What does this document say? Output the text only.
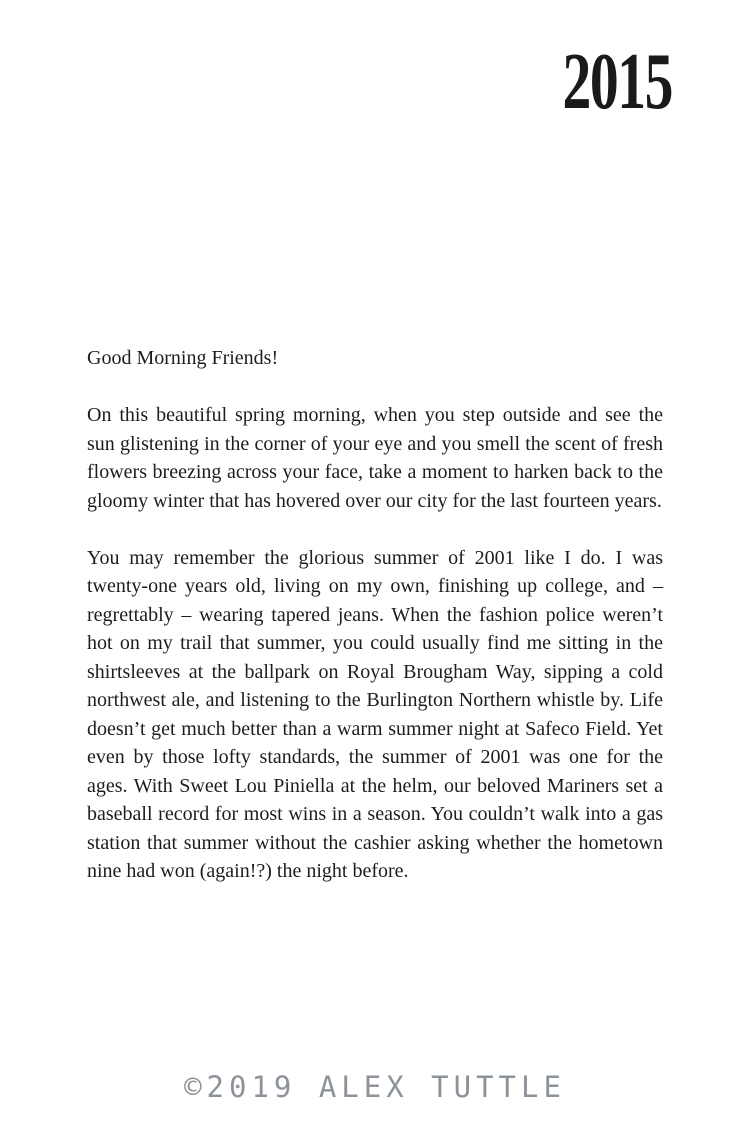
2015

Good Morning Friends!

On this beautiful spring morning, when you step outside and see the sun glistening in the corner of your eye and you smell the scent of fresh flowers breezing across your face, take a moment to harken back to the gloomy winter that has hovered over our city for the last fourteen years.

You may remember the glorious summer of 2001 like I do. I was twenty-one years old, living on my own, finishing up college, and – regrettably – wearing tapered jeans. When the fashion police weren’t hot on my trail that summer, you could usually find me sitting in the shirtsleeves at the ballpark on Royal Brougham Way, sipping a cold northwest ale, and listening to the Burlington Northern whistle by. Life doesn’t get much better than a warm summer night at Safeco Field. Yet even by those lofty standards, the summer of 2001 was one for the ages. With Sweet Lou Piniella at the helm, our beloved Mariners set a baseball record for most wins in a season. You couldn’t walk into a gas station that summer without the cashier asking whether the hometown nine had won (again!?) the night before.

©2019 ALEX TUTTLE
